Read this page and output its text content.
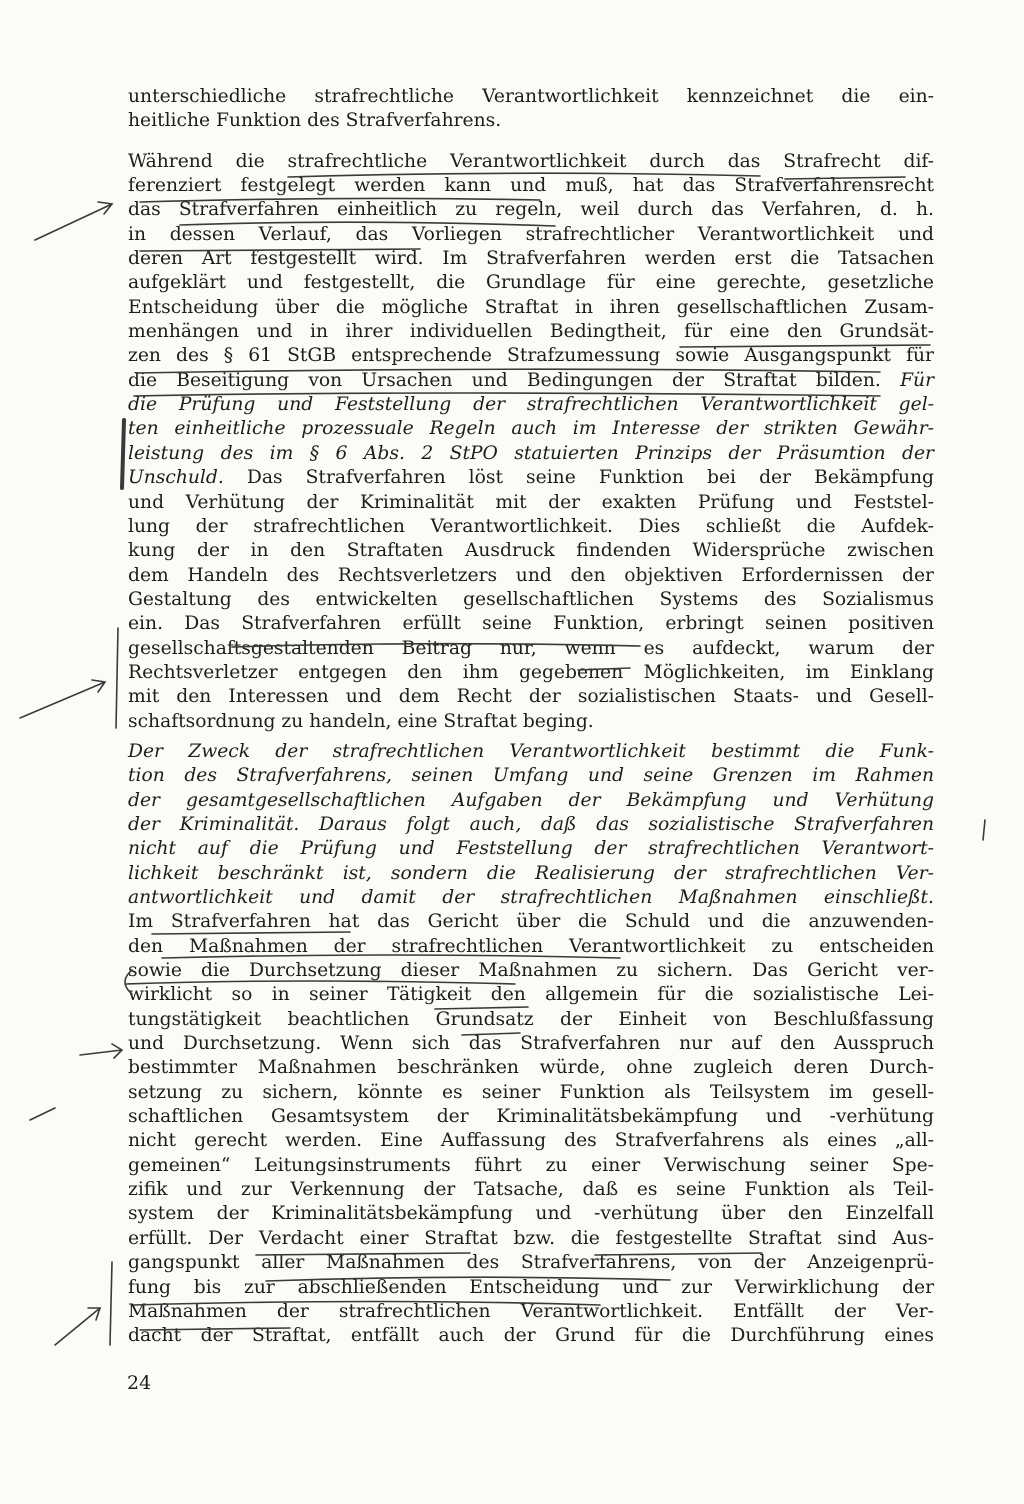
unterschiedliche strafrechtliche Verantwortlichkeit kennzeichnet die ein-
heitliche Funktion des Strafverfahrens.
Während die strafrechtliche Verantwortlichkeit durch das Strafrecht dif-
ferenziert festgelegt werden kann und muß, hat das Strafverfahrensrecht
das Strafverfahren einheitlich zu regeln, weil durch das Verfahren, d. h.
in dessen Verlauf, das Vorliegen strafrechtlicher Verantwortlichkeit und
deren Art festgestellt wird. Im Strafverfahren werden erst die Tatsachen
aufgeklärt und festgestellt, die Grundlage für eine gerechte, gesetzliche
Entscheidung über die mögliche Straftat in ihren gesellschaftlichen Zusam-
menhängen und in ihrer individuellen Bedingtheit, für eine den Grundsät-
zen des § 61 StGB entsprechende Strafzumessung sowie Ausgangspunkt für
die Beseitigung von Ursachen und Bedingungen der Straftat bilden. Für
die Prüfung und Feststellung der strafrechtlichen Verantwortlichkeit gel-
ten einheitliche prozessuale Regeln auch im Interesse der strikten Gewähr-
leistung des im § 6 Abs. 2 StPO statuierten Prinzips der Präsumtion der
Unschuld. Das Strafverfahren löst seine Funktion bei der Bekämpfung
und Verhütung der Kriminalität mit der exakten Prüfung und Feststel-
lung der strafrechtlichen Verantwortlichkeit. Dies schließt die Aufdek-
kung der in den Straftaten Ausdruck findenden Widersprüche zwischen
dem Handeln des Rechtsverletzers und den objektiven Erfordernissen der
Gestaltung des entwickelten gesellschaftlichen Systems des Sozialismus
ein. Das Strafverfahren erfüllt seine Funktion, erbringt seinen positiven
gesellschaftsgestaltenden Beitrag nur, wenn es aufdeckt, warum der
Rechtsverletzer entgegen den ihm gegebenen Möglichkeiten, im Einklang
mit den Interessen und dem Recht der sozialistischen Staats- und Gesell-
schaftsordnung zu handeln, eine Straftat beging.
Der Zweck der strafrechtlichen Verantwortlichkeit bestimmt die Funk-
tion des Strafverfahrens, seinen Umfang und seine Grenzen im Rahmen
der gesamtgesellschaftlichen Aufgaben der Bekämpfung und Verhütung
der Kriminalität. Daraus folgt auch, daß das sozialistische Strafverfahren
nicht auf die Prüfung und Feststellung der strafrechtlichen Verantwort-
lichkeit beschränkt ist, sondern die Realisierung der strafrechtlichen Ver-
antwortlichkeit und damit der strafrechtlichen Maßnahmen einschließt.
Im Strafverfahren hat das Gericht über die Schuld und die anzuwenden-
den Maßnahmen der strafrechtlichen Verantwortlichkeit zu entscheiden
sowie die Durchsetzung dieser Maßnahmen zu sichern. Das Gericht ver-
wirklicht so in seiner Tätigkeit den allgemein für die sozialistische Lei-
tungstätigkeit beachtlichen Grundsatz der Einheit von Beschlußfassung
und Durchsetzung. Wenn sich das Strafverfahren nur auf den Ausspruch
bestimmter Maßnahmen beschränken würde, ohne zugleich deren Durch-
setzung zu sichern, könnte es seiner Funktion als Teilsystem im gesell-
schaftlichen Gesamtsystem der Kriminalitätsbekämpfung und -verhütung
nicht gerecht werden. Eine Auffassung des Strafverfahrens als eines „all-
gemeinen“ Leitungsinstruments führt zu einer Verwischung seiner Spe-
zifik und zur Verkennung der Tatsache, daß es seine Funktion als Teil-
system der Kriminalitätsbekämpfung und -verhütung über den Einzelfall
erfüllt. Der Verdacht einer Straftat bzw. die festgestellte Straftat sind Aus-
gangspunkt aller Maßnahmen des Strafverfahrens, von der Anzeigenprü-
fung bis zur abschließenden Entscheidung und zur Verwirklichung der
Maßnahmen der strafrechtlichen Verantwortlichkeit. Entfällt der Ver-
dacht der Straftat, entfällt auch der Grund für die Durchführung eines
24
